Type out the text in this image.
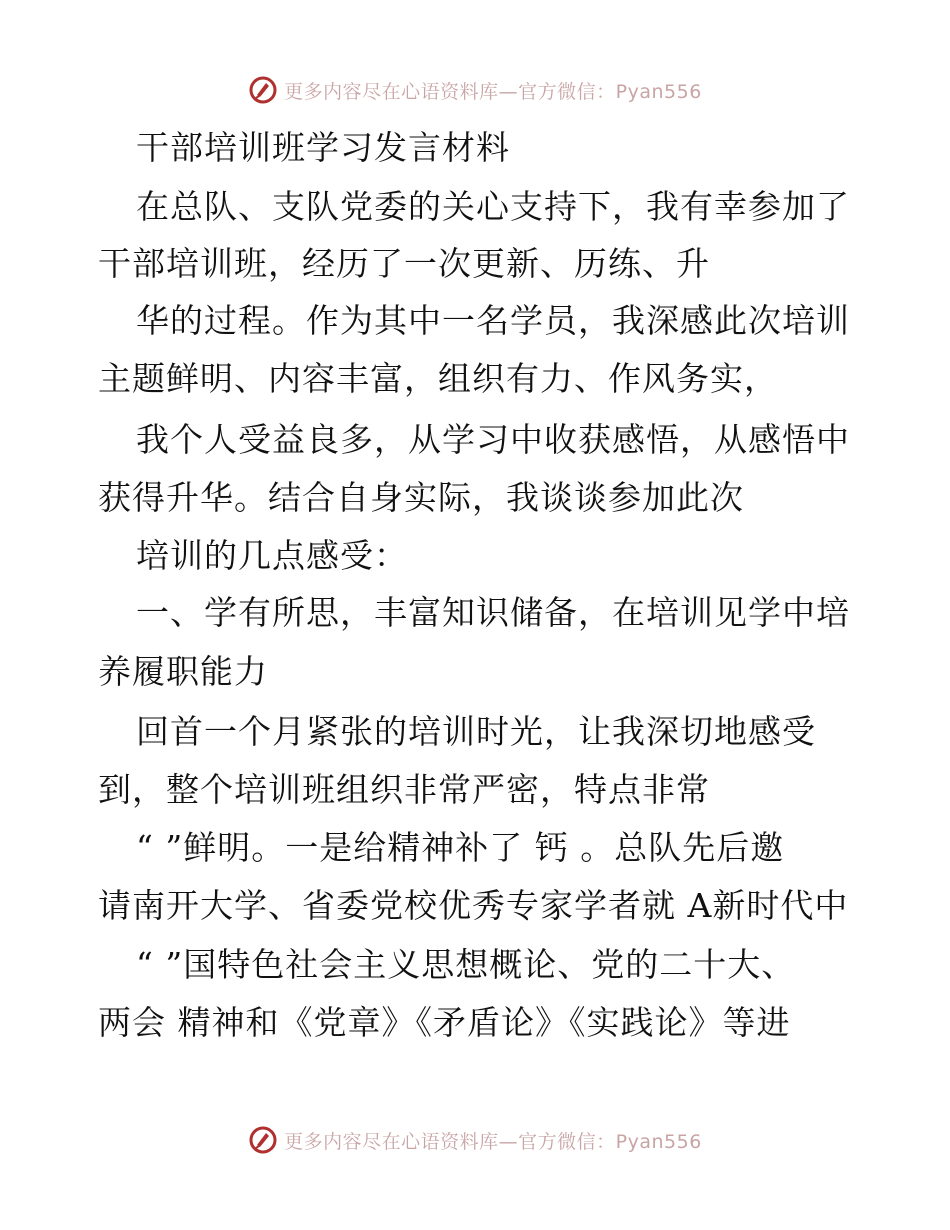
更多内容尽在心语资料库—官方微信：Pyan556
干部培训班学习发言材料
在总队、支队党委的关心支持下，我有幸参加了
干部培训班，经历了一次更新、历练、升
华的过程。作为其中一名学员，我深感此次培训
主题鲜明、内容丰富，组织有力、作风务实，
我个人受益良多，从学习中收获感悟，从感悟中
获得升华。结合自身实际，我谈谈参加此次
培训的几点感受：
一、学有所思，丰富知识储备，在培训见学中培
养履职能力
回首一个月紧张的培训时光，让我深切地感受
到，整个培训班组织非常严密，特点非常
“ ”鲜明。一是给精神补了 钙 。总队先后邀
请南开大学、省委党校优秀专家学者就 A新时代中
“ ”国特色社会主义思想概论、党的二十大、
两会 精神和《党章》《矛盾论》《实践论》等进
更多内容尽在心语资料库—官方微信：Pyan556
